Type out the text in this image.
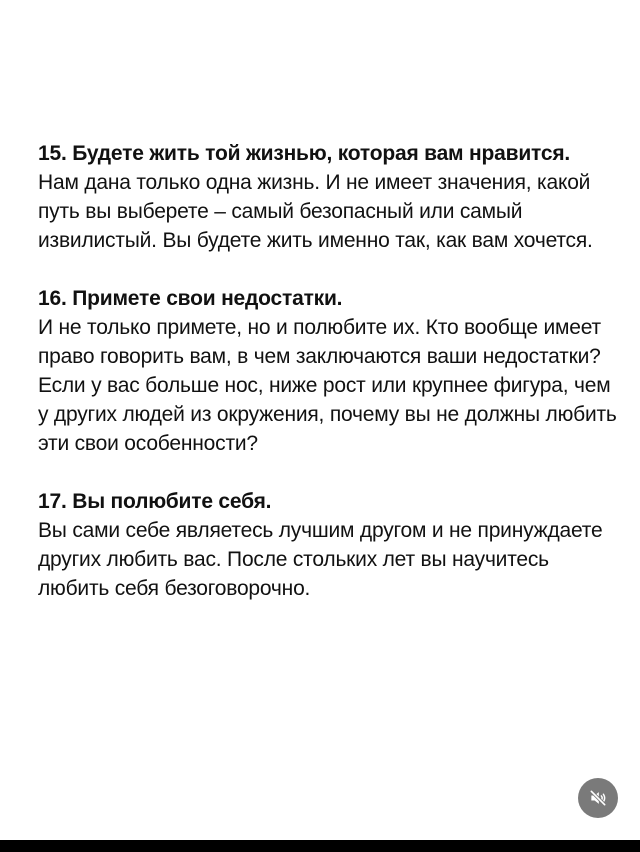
15. Будете жить той жизнью, которая вам нравится.

Нам дана только одна жизнь. И не имеет значения, какой путь вы выберете – самый безопасный или самый извилистый. Вы будете жить именно так, как вам хочется.

16. Примете свои недостатки.

И не только примете, но и полюбите их. Кто вообще имеет право говорить вам, в чем заключаются ваши недостатки? Если у вас больше нос, ниже рост или крупнее фигура, чем у других людей из окружения, почему вы не должны любить эти свои особенности?

17. Вы полюбите себя.

Вы сами себе являетесь лучшим другом и не принуждаете других любить вас. После стольких лет вы научитесь любить себя безоговорочно.
